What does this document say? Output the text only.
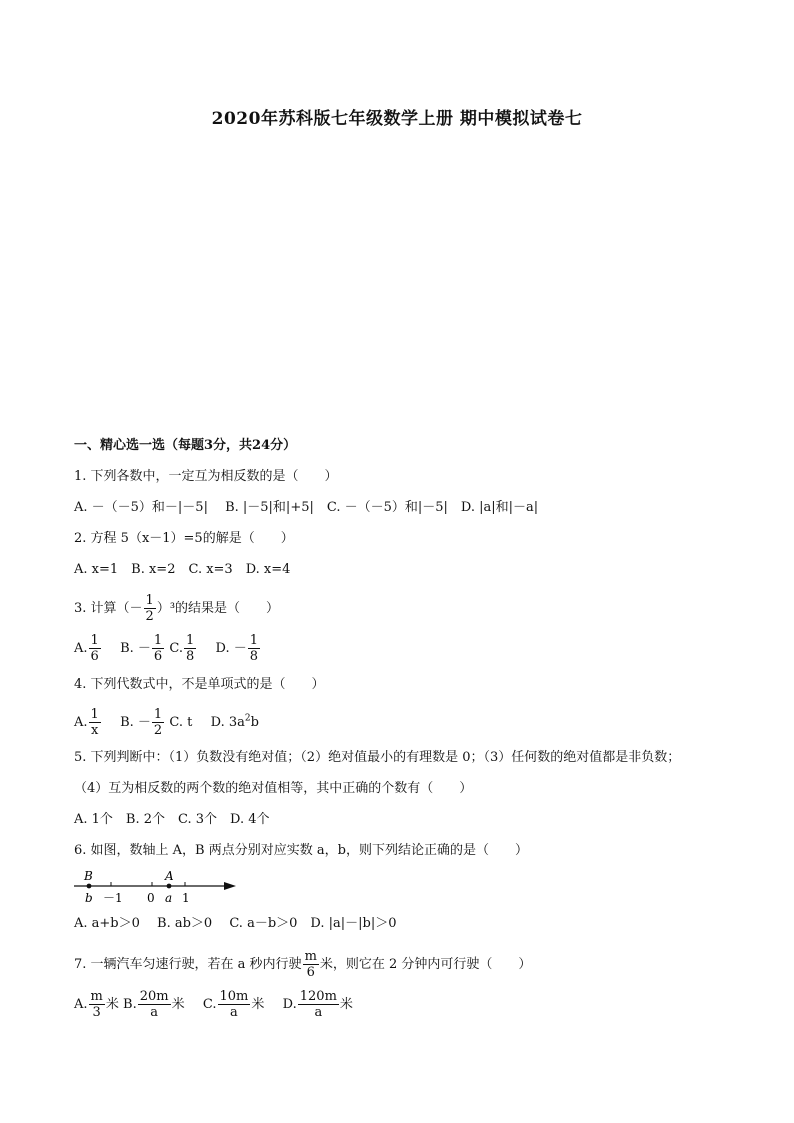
2020年苏科版七年级数学上册 期中模拟试卷七
一、精心选一选（每题3分，共24分）
1. 下列各数中，一定互为相反数的是（　　）
A. －（－5）和－|－5|　 B. |－5|和|+5|　C. －（－5）和|－5|　D. |a|和|－a|
2. 方程 5（x－1）=5的解是（　　）
A. x=1　B. x=2　C. x=3　D. x=4
3. 计算（－ $\frac{1}{2} )^3$的结果是（　　）
A. $\frac{1}{6} B$. － $\frac{1}{6} C$. $\frac{1}{8} D$. － $\frac{1}{8}$
4. 下列代数式中，不是单项式的是（　　）
A. $\frac{1}{x} B$. － $\frac{1}{2} C$. t D. $3a^2b$
5. 下列判断中：（1）负数没有绝对值；（2）绝对值最小的有理数是 0；（3）任何数的绝对值都是非负数；
（4）互为相反数的两个数的绝对值相等，其中正确的个数有（　　）
A. 1个　B. 2个　C. 3个　D. 4个
6. 如图，数轴上 A，B 两点分别对应实数 a，b，则下列结论正确的是（　　）
B	A
b －1 0 a 1
A. a+b＞0　 B. ab＞0　 C. a－b＞0　D. |a|－|b|＞0
7. 一辆汽车匀速行驶，若在 a 秒内行驶 $\frac{m}{6}$ 米，则它在 2 分钟内可行驶（　　）
A. $\frac{m}{3}$ 米 B. $\frac{20m}{a}$ 米 C. $\frac{10m}{a}$ 米 D. $\frac{120m}{a}$ 米
